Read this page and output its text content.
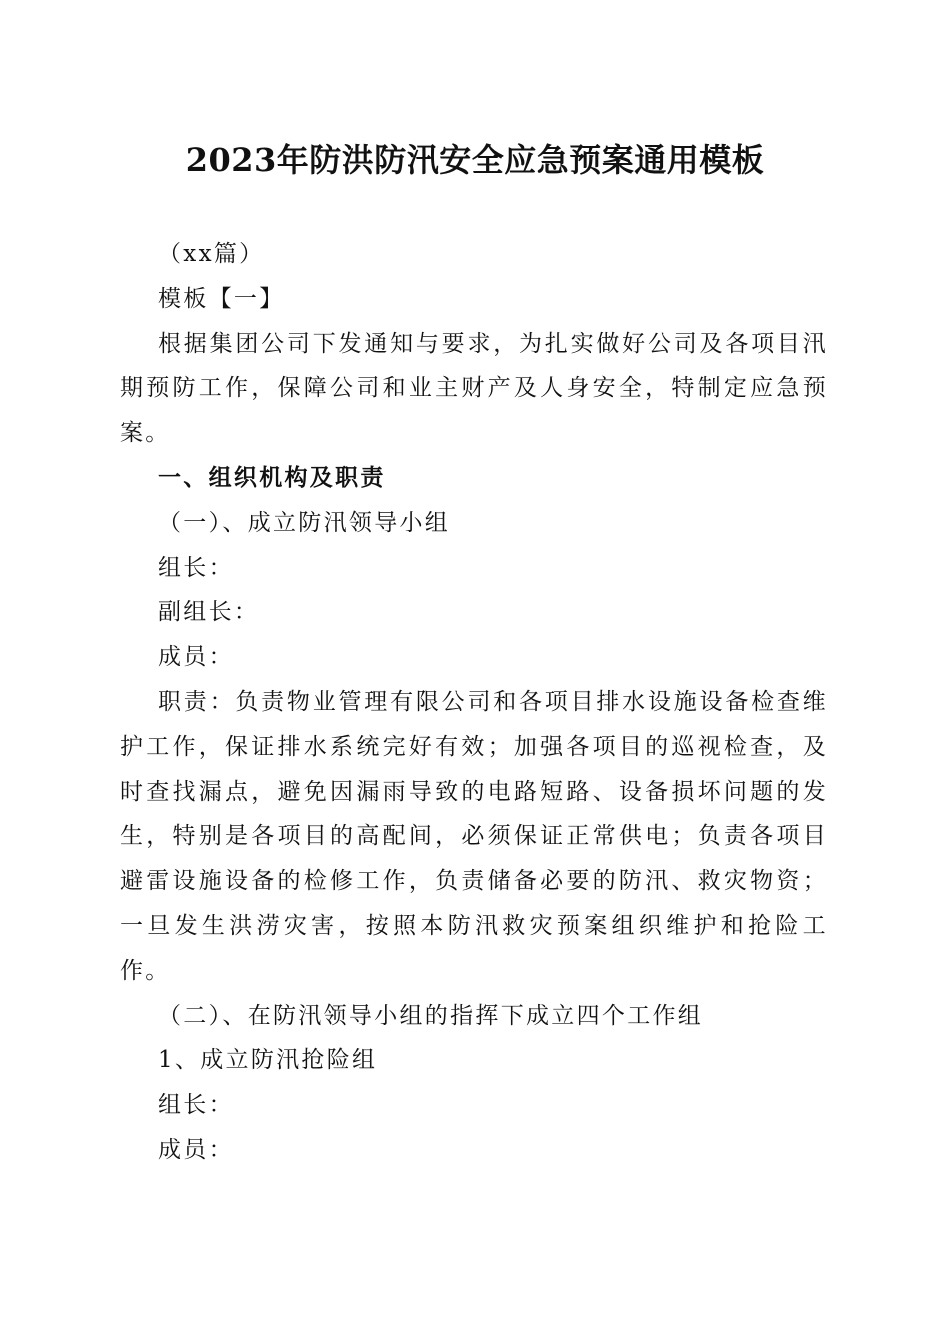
2023年防洪防汛安全应急预案通用模板

（xx篇）

模板【一】

根据集团公司下发通知与要求，为扎实做好公司及各项目汛期预防工作，保障公司和业主财产及人身安全，特制定应急预案。

一、组织机构及职责

（一）、成立防汛领导小组

组长：

副组长：

成员：

职责：负责物业管理有限公司和各项目排水设施设备检查维护工作，保证排水系统完好有效；加强各项目的巡视检查，及时查找漏点，避免因漏雨导致的电路短路、设备损坏问题的发生，特别是各项目的高配间，必须保证正常供电；负责各项目避雷设施设备的检修工作，负责储备必要的防汛、救灾物资；一旦发生洪涝灾害，按照本防汛救灾预案组织维护和抢险工作。

（二）、在防汛领导小组的指挥下成立四个工作组

1、成立防汛抢险组

组长：

成员：
